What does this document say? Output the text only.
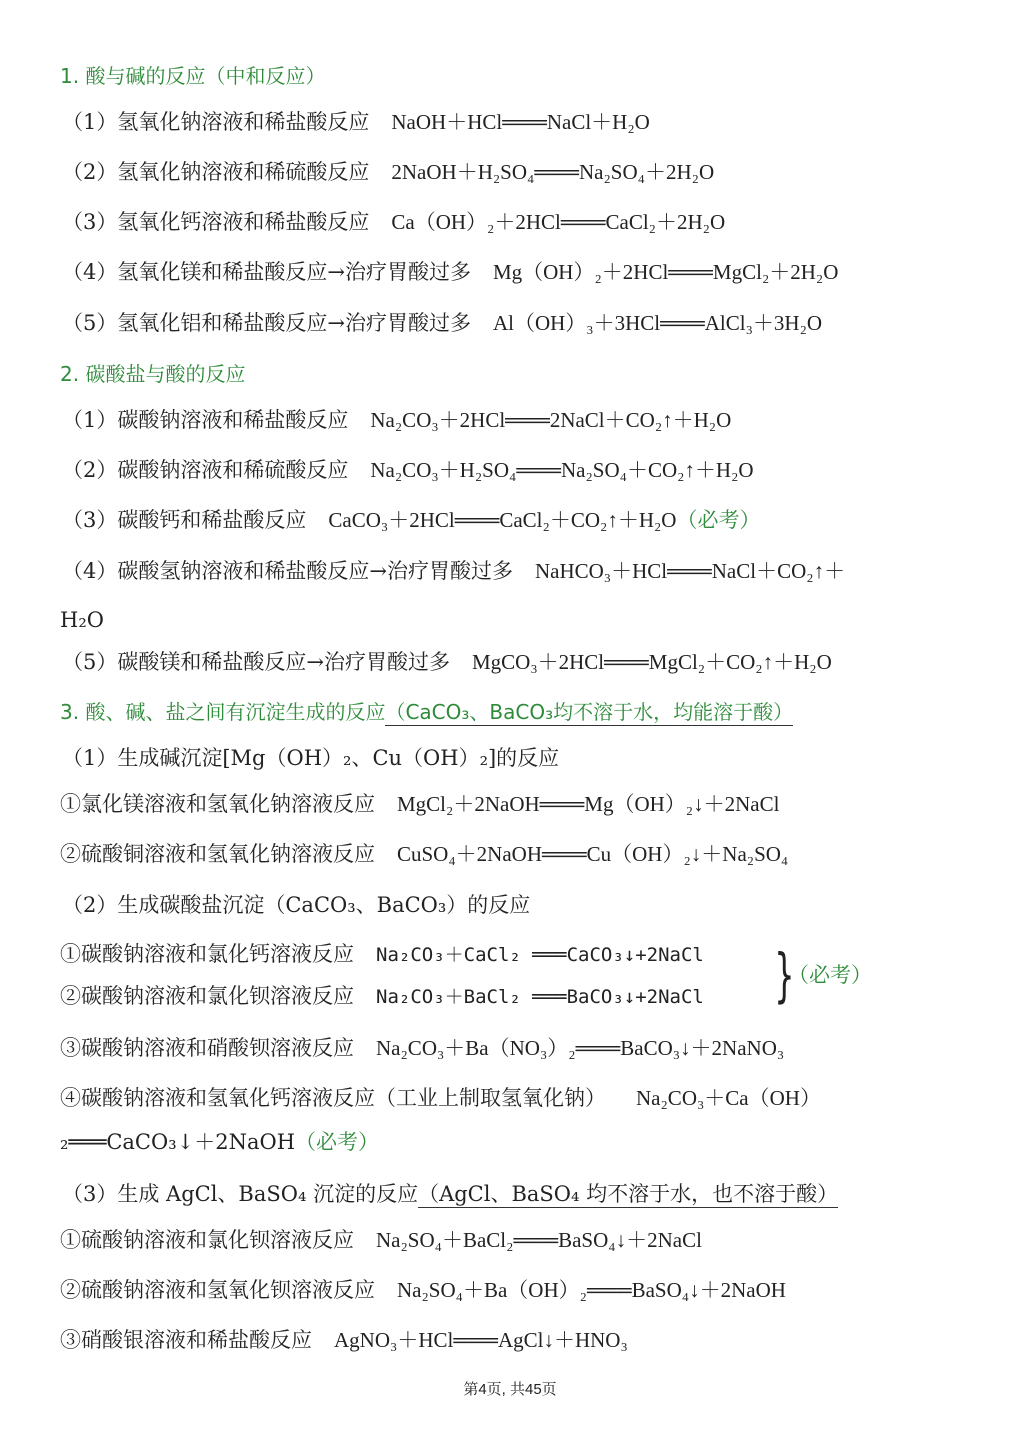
1. 酸与碱的反应（中和反应）
（1）氢氧化钠溶液和稀盐酸反应 NaOH＋HCl═══NaCl＋H₂O
（2）氢氧化钠溶液和稀硫酸反应 2NaOH＋H₂SO₄═══Na₂SO₄＋2H₂O
（3）氢氧化钙溶液和稀盐酸反应 Ca（OH）₂＋2HCl═══CaCl₂＋2H₂O
（4）氢氧化镁和稀盐酸反应→治疗胃酸过多 Mg（OH）₂＋2HCl═══MgCl₂＋2H₂O
（5）氢氧化铝和稀盐酸反应→治疗胃酸过多 Al（OH）₃＋3HCl═══AlCl₃＋3H₂O
2. 碳酸盐与酸的反应
（1）碳酸钠溶液和稀盐酸反应 Na₂CO₃＋2HCl═══2NaCl＋CO₂↑＋H₂O
（2）碳酸钠溶液和稀硫酸反应 Na₂CO₃＋H₂SO₄═══Na₂SO₄＋CO₂↑＋H₂O
（3）碳酸钙和稀盐酸反应 CaCO₃＋2HCl═══CaCl₂＋CO₂↑＋H₂O（必考）
（4）碳酸氢钠溶液和稀盐酸反应→治疗胃酸过多 NaHCO₃＋HCl═══NaCl＋CO₂↑＋
H₂O
（5）碳酸镁和稀盐酸反应→治疗胃酸过多 MgCO₃＋2HCl═══MgCl₂＋CO₂↑＋H₂O
3. 酸、碱、盐之间有沉淀生成的反应（CaCO₃、BaCO₃均不溶于水，均能溶于酸）
（1）生成碱沉淀[Mg（OH）₂、Cu（OH）₂]的反应
①氯化镁溶液和氢氧化钠溶液反应 MgCl₂＋2NaOH═══Mg（OH）₂↓＋2NaCl
②硫酸铜溶液和氢氧化钠溶液反应 CuSO₄＋2NaOH═══Cu（OH）₂↓＋Na₂SO₄
（2）生成碳酸盐沉淀（CaCO₃、BaCO₃）的反应
①碳酸钠溶液和氯化钙溶液反应 Na₂CO₃＋CaCl₂ ═══CaCO₃↓+2NaCl
②碳酸钠溶液和氯化钡溶液反应 Na₂CO₃＋BaCl₂ ═══BaCO₃↓+2NaCl }
（必考）
③碳酸钠溶液和硝酸钡溶液反应 Na₂CO₃＋Ba（NO₃）₂═══BaCO₃↓＋2NaNO₃
④碳酸钠溶液和氢氧化钙溶液反应（工业上制取氢氧化钠） Na₂CO₃＋Ca（OH）
₂═══CaCO₃↓＋2NaOH（必考）
（3）生成 AgCl、BaSO₄ 沉淀的反应（AgCl、BaSO₄ 均不溶于水，也不溶于酸）
①硫酸钠溶液和氯化钡溶液反应 Na₂SO₄＋BaCl₂═══BaSO₄↓＋2NaCl
②硫酸钠溶液和氢氧化钡溶液反应 Na₂SO₄＋Ba（OH）₂═══BaSO₄↓＋2NaOH
③硝酸银溶液和稀盐酸反应 AgNO₃＋HCl═══AgCl↓＋HNO₃
第4页, 共45页
